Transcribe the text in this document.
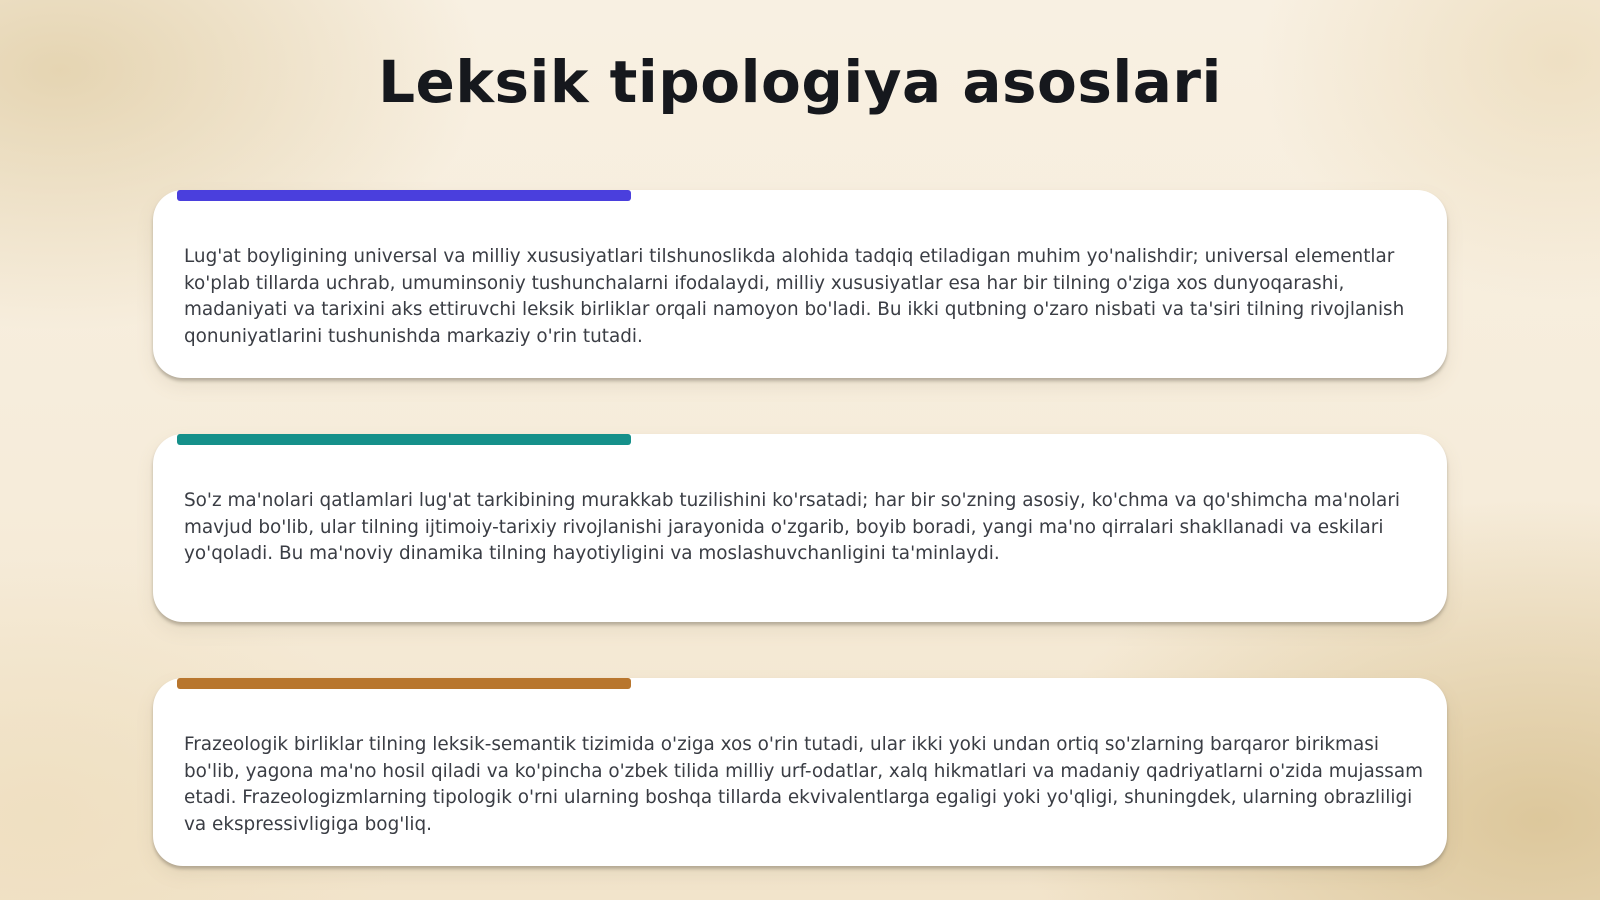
Leksik tipologiya asoslari

Lug'at boyligining universal va milliy xususiyatlari tilshunoslikda alohida tadqiq etiladigan muhim yo'nalishdir; universal elementlar ko'plab tillarda uchrab, umuminsoniy tushunchalarni ifodalaydi, milliy xususiyatlar esa har bir tilning o'ziga xos dunyoqarashi, madaniyati va tarixini aks ettiruvchi leksik birliklar orqali namoyon bo'ladi. Bu ikki qutbning o'zaro nisbati va ta'siri tilning rivojlanish qonuniyatlarini tushunishda markaziy o'rin tutadi.

So'z ma'nolari qatlamlari lug'at tarkibining murakkab tuzilishini ko'rsatadi; har bir so'zning asosiy, ko'chma va qo'shimcha ma'nolari mavjud bo'lib, ular tilning ijtimoiy-tarixiy rivojlanishi jarayonida o'zgarib, boyib boradi, yangi ma'no qirralari shakllanadi va eskilari yo'qoladi. Bu ma'noviy dinamika tilning hayotiyligini va moslashuvchanligini ta'minlaydi.

Frazeologik birliklar tilning leksik-semantik tizimida o'ziga xos o'rin tutadi, ular ikki yoki undan ortiq so'zlarning barqaror birikmasi bo'lib, yagona ma'no hosil qiladi va ko'pincha o'zbek tilida milliy urf-odatlar, xalq hikmatlari va madaniy qadriyatlarni o'zida mujassam etadi. Frazeologizmlarning tipologik o'rni ularning boshqa tillarda ekvivalentlarga egaligi yoki yo'qligi, shuningdek, ularning obrazliligi va ekspressivligiga bog'liq.
